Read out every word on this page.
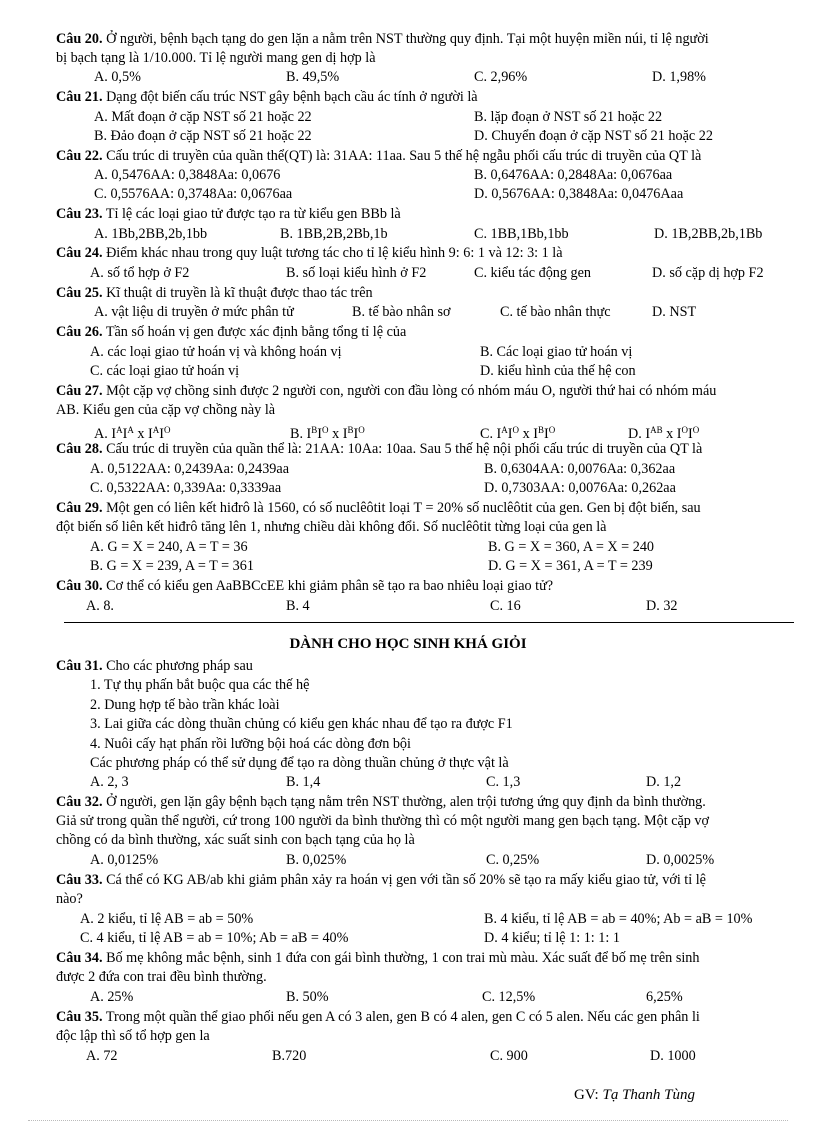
Câu 20. Ở người, bệnh bạch tạng do gen lặn a nằm trên NST thường quy định. Tại một huyện miền núi, tỉ lệ người
bị bạch tạng là 1/10.000. Tỉ lệ người mang gen dị hợp là
A. 0,5%	B. 49,5%	C. 2,96%	D. 1,98%
Câu 21. Dạng đột biến cấu trúc NST gây bệnh bạch cầu ác tính ở người là
A. Mất đoạn ở cặp NST số 21 hoặc 22	B. lặp đoạn ở NST số 21 hoặc 22
B. Đảo đoạn ở cặp NST số 21 hoặc 22	D. Chuyển đoạn ở cặp NST số 21 hoặc 22
Câu 22. Cấu trúc di truyền của quần thể(QT) là: 31AA: 11aa. Sau 5 thế hệ ngẫu phối cấu trúc di truyền của QT là
A. 0,5476AA: 0,3848Aa: 0,0676	B. 0,6476AA: 0,2848Aa: 0,0676aa
C. 0,5576AA: 0,3748Aa: 0,0676aa	D. 0,5676AA: 0,3848Aa: 0,0476Aaa
Câu 23. Tỉ lệ các loại giao tử được tạo ra từ kiểu gen BBb là
A. 1Bb,2BB,2b,1bb	B. 1BB,2B,2Bb,1b	C. 1BB,1Bb,1bb	D. 1B,2BB,2b,1Bb
Câu 24. Điểm khác nhau trong quy luật tương tác cho tỉ lệ kiểu hình 9: 6: 1 và 12: 3: 1 là
A. số tổ hợp ở F2	B. số loại kiểu hình ở F2	C. kiểu tác động gen	D. số cặp dị hợp F2
Câu 25. Kĩ thuật di truyền là kĩ thuật được thao tác trên
A. vật liệu di truyền ở mức phân tử	B. tế bào nhân sơ	C. tế bào nhân thực	D. NST
Câu 26. Tần số hoán vị gen được xác định bằng tổng tỉ lệ của
A. các loại giao tử hoán vị và không hoán vị	B. Các loại giao tử hoán vị
C. các loại giao tử hoán vị	D. kiểu hình của thế hệ con
Câu 27. Một cặp vợ chồng sinh được 2 người con, người con đầu lòng có nhóm máu O, người thứ hai có nhóm máu
AB. Kiểu gen của cặp vợ chồng này là
A. $I^AI^A$ x $I^AI^O$	B. $I^BI^O$ x $I^BI^O$	C. $I^AI^O$ x $I^BI^O$	D. $I^{AB}$ x $I^OI^O$
Câu 28. Cấu trúc di truyền của quần thể là: 21AA: 10Aa: 10aa. Sau 5 thế hệ nội phối cấu trúc di truyền của QT là
A. 0,5122AA: 0,2439Aa: 0,2439aa	B. 0,6304AA: 0,0076Aa: 0,362aa
C. 0,5322AA: 0,339Aa: 0,3339aa	D. 0,7303AA: 0,0076Aa: 0,262aa
Câu 29. Một gen có liên kết hiđrô là 1560, có số nuclêôtit loại T = 20% số nuclêôtit của gen. Gen bị đột biến, sau
đột biến số liên kết hiđrô tăng lên 1, nhưng chiều dài không đổi. Số nuclêôtit từng loại của gen là
A. G = X = 240, A = T = 36	B. G = X = 360, A = X = 240
B. G = X = 239, A = T = 361	D. G = X = 361, A = T = 239
Câu 30. Cơ thể có kiểu gen AaBBCcEE khi giảm phân sẽ tạo ra bao nhiêu loại giao tử?
A. 8.	B. 4	C. 16	D. 32
DÀNH CHO HỌC SINH KHÁ GIỎI
Câu 31. Cho các phương pháp sau
1. Tự thụ phấn bắt buộc qua các thế hệ
2. Dung hợp tế bào trần khác loài
3. Lai giữa các dòng thuần chủng có kiểu gen khác nhau để tạo ra được F1
4. Nuôi cấy hạt phấn rồi lưỡng bội hoá các dòng đơn bội
Các phương pháp có thể sử dụng để tạo ra dòng thuần chủng ở thực vật là
A. 2, 3	B. 1,4	C. 1,3	D. 1,2
Câu 32. Ở người, gen lặn gây bệnh bạch tạng nằm trên NST thường, alen trội tương ứng quy định da bình thường.
Giả sử trong quần thể người, cứ trong 100 người da bình thường thì có một người mang gen bạch tạng. Một cặp vợ
chồng có da bình thường, xác suất sinh con bạch tạng của họ là
A. 0,0125%	B. 0,025%	C. 0,25%	D. 0,0025%
Câu 33. Cá thể có KG AB/ab khi giảm phân xảy ra hoán vị gen với tần số 20% sẽ tạo ra mấy kiểu giao tử, với tỉ lệ
nào?
A. 2 kiểu, tỉ lệ AB = ab = 50%	B. 4 kiểu, tỉ lệ AB = ab = 40%; Ab = aB = 10%
C. 4 kiểu, tỉ lệ AB = ab = 10%; Ab = aB = 40%	D. 4 kiểu; tỉ lệ 1: 1: 1: 1
Câu 34. Bố mẹ không mắc bệnh, sinh 1 đứa con gái bình thường, 1 con trai mù màu. Xác suất để bố mẹ trên sinh
được 2 đứa con trai đều bình thường.
A. 25%	B. 50%	C. 12,5%	6,25%
Câu 35. Trong một quần thể giao phối nếu gen A có 3 alen, gen B có 4 alen, gen C có 5 alen. Nếu các gen phân li
độc lập thì số tổ hợp gen la
A. 72	B.720	C. 900	D. 1000
GV: Tạ Thanh Tùng
